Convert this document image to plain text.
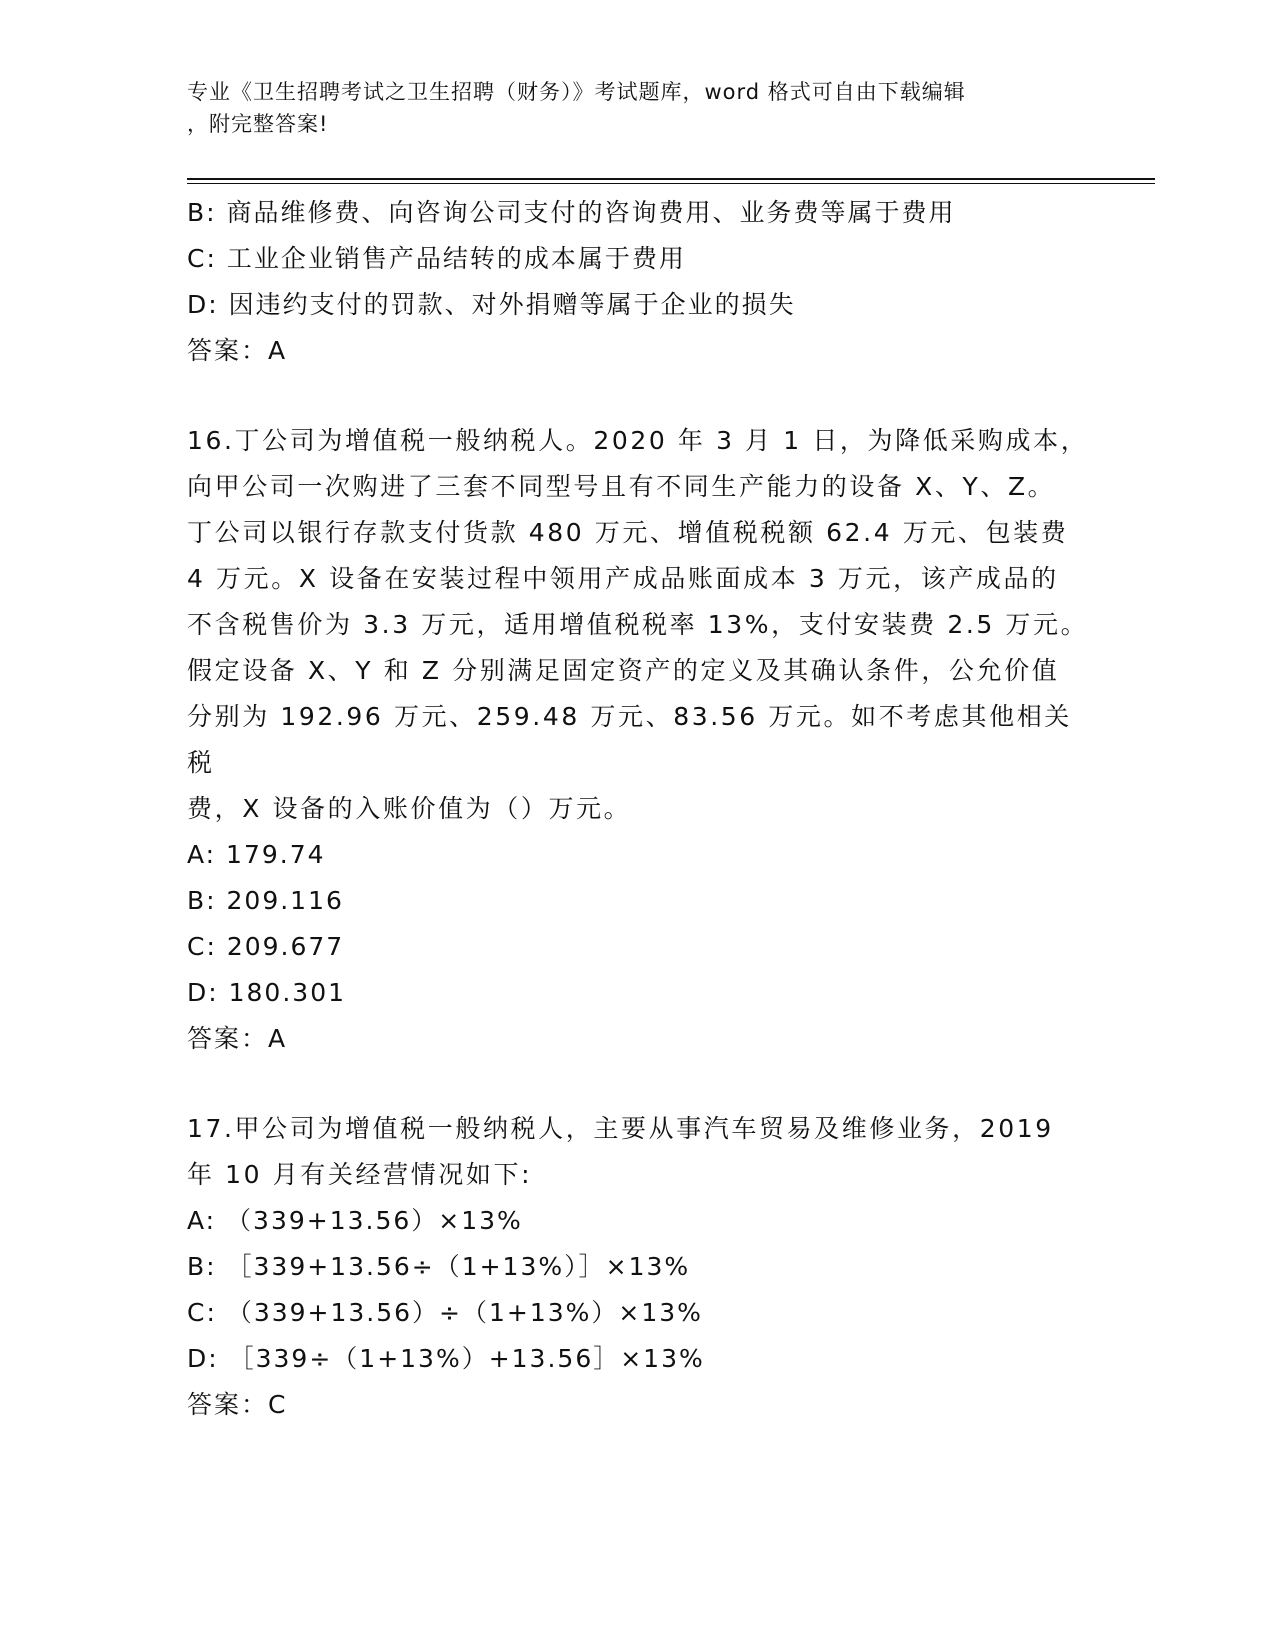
专业《卫生招聘考试之卫生招聘（财务）》考试题库，word 格式可自由下载编辑
，附完整答案!
B: 商品维修费、向咨询公司支付的咨询费用、业务费等属于费用
C: 工业企业销售产品结转的成本属于费用
D: 因违约支付的罚款、对外捐赠等属于企业的损失
答案：A
16.丁公司为增值税一般纳税人。2020 年 3 月 1 日，为降低采购成本，
向甲公司一次购进了三套不同型号且有不同生产能力的设备 X、Y、Z。
丁公司以银行存款支付货款 480 万元、增值税税额 62.4 万元、包装费
4 万元。X 设备在安装过程中领用产成品账面成本 3 万元，该产成品的
不含税售价为 3.3 万元，适用增值税税率 13%，支付安装费 2.5 万元。
假定设备 X、Y 和 Z 分别满足固定资产的定义及其确认条件，公允价值
分别为 192.96 万元、259.48 万元、83.56 万元。如不考虑其他相关税
费，X 设备的入账价值为（）万元。
A: 179.74
B: 209.116
C: 209.677
D: 180.301
答案：A
17.甲公司为增值税一般纳税人，主要从事汽车贸易及维修业务，2019
年 10 月有关经营情况如下:
A: （339+13.56）×13%
B: ［339+13.56÷（1+13%）］×13%
C: （339+13.56）÷（1+13%）×13%
D: ［339÷（1+13%）+13.56］×13%
答案：C
